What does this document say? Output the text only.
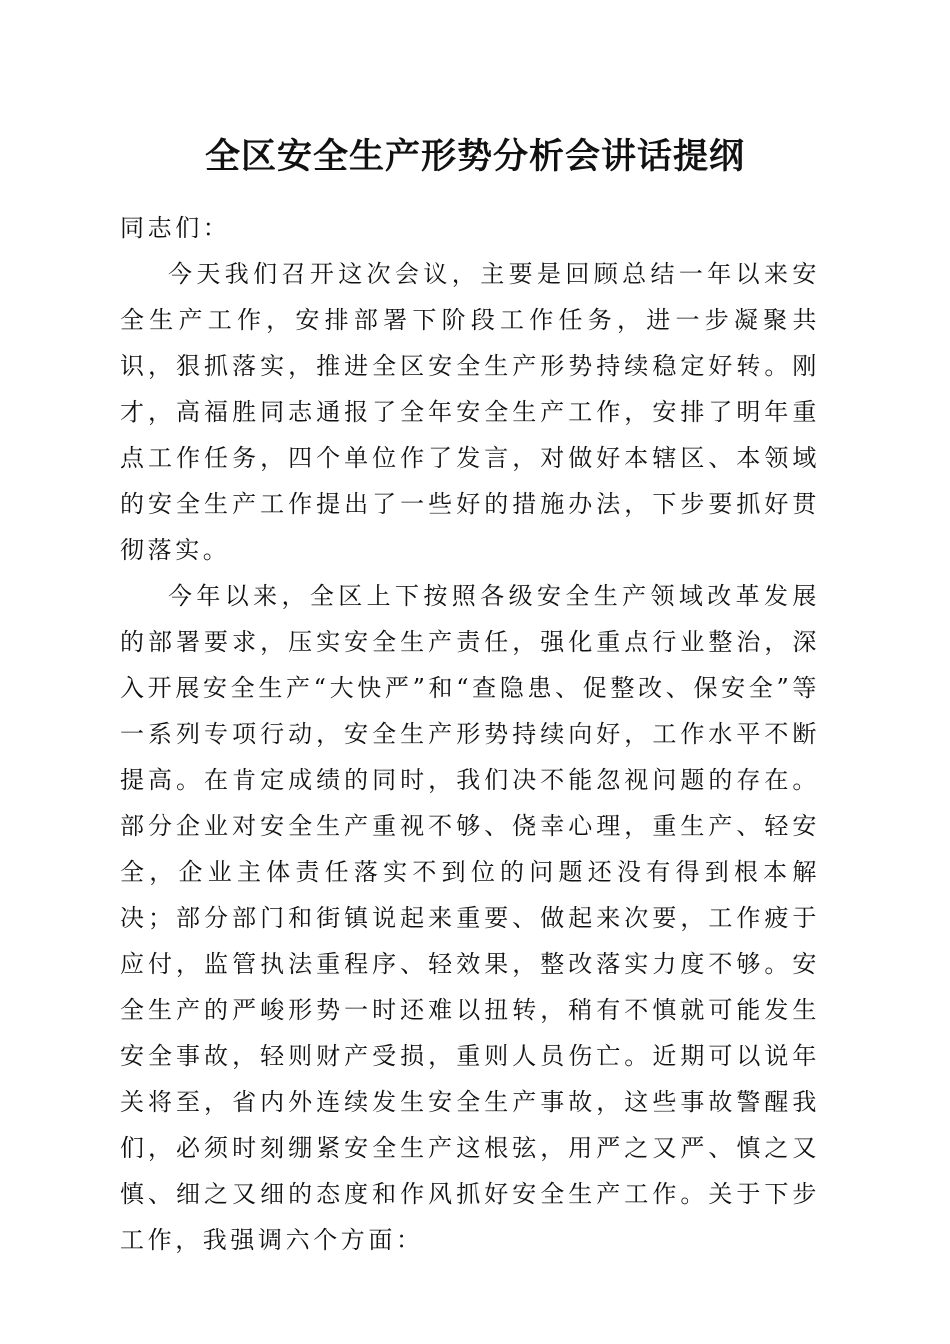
全区安全生产形势分析会讲话提纲

同志们：

今天我们召开这次会议，主要是回顾总结一年以来安全生产工作，安排部署下阶段工作任务，进一步凝聚共识，狠抓落实，推进全区安全生产形势持续稳定好转。刚才，高福胜同志通报了全年安全生产工作，安排了明年重点工作任务，四个单位作了发言，对做好本辖区、本领域的安全生产工作提出了一些好的措施办法，下步要抓好贯彻落实。

今年以来，全区上下按照各级安全生产领域改革发展的部署要求，压实安全生产责任，强化重点行业整治，深入开展安全生产“大快严”和“查隐患、促整改、保安全”等一系列专项行动，安全生产形势持续向好，工作水平不断提高。在肯定成绩的同时，我们决不能忽视问题的存在。部分企业对安全生产重视不够、侥幸心理，重生产、轻安全，企业主体责任落实不到位的问题还没有得到根本解决；部分部门和街镇说起来重要、做起来次要，工作疲于应付，监管执法重程序、轻效果，整改落实力度不够。安全生产的严峻形势一时还难以扭转，稍有不慎就可能发生安全事故，轻则财产受损，重则人员伤亡。近期可以说年关将至，省内外连续发生安全生产事故，这些事故警醒我们，必须时刻绷紧安全生产这根弦，用严之又严、慎之又慎、细之又细的态度和作风抓好安全生产工作。关于下步工作，我强调六个方面：
